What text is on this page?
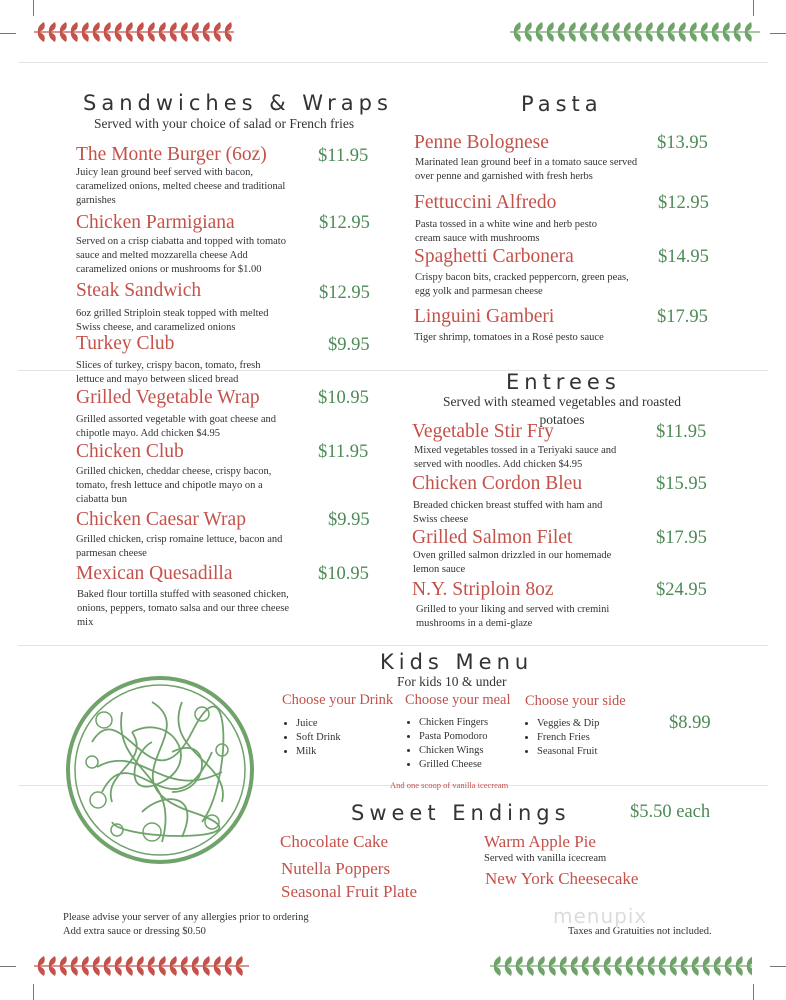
Sandwiches & Wraps
Served with your choice of salad or French fries
The Monte Burger (6oz)	$11.95
Juicy lean ground beef served with bacon, caramelized onions, melted cheese and traditional garnishes
Chicken Parmigiana	$12.95
Served on a crisp ciabatta and topped with tomato sauce and melted mozzarella cheese Add caramelized onions or mushrooms for $1.00
Steak Sandwich	$12.95
6oz grilled Striploin steak topped with melted Swiss cheese, and caramelized onions
Turkey Club	$9.95
Slices of turkey, crispy bacon, tomato, fresh lettuce and mayo between sliced bread
Grilled Vegetable Wrap	$10.95
Grilled assorted vegetable with goat cheese and chipotle mayo. Add chicken $4.95
Chicken Club	$11.95
Grilled chicken, cheddar cheese, crispy bacon, tomato, fresh lettuce and chipotle mayo on a ciabatta bun
Chicken Caesar Wrap	$9.95
Grilled chicken, crisp romaine lettuce, bacon and parmesan cheese
Mexican Quesadilla	$10.95
Baked flour tortilla stuffed with seasoned chicken, onions, peppers, tomato salsa and our three cheese mix
Pasta
Penne Bolognese	$13.95
Marinated lean ground beef in a tomato sauce served over penne and garnished with fresh herbs
Fettuccini Alfredo	$12.95
Pasta tossed in a white wine and herb pesto cream sauce with mushrooms
Spaghetti Carbonera	$14.95
Crispy bacon bits, cracked peppercorn, green peas, egg yolk and parmesan cheese
Linguini Gamberi	$17.95
Tiger shrimp, tomatoes in a Rosé pesto sauce
Entrees
Served with steamed vegetables and roasted potatoes
Vegetable Stir Fry	$11.95
Mixed vegetables tossed in a Teriyaki sauce and served with noodles. Add chicken $4.95
Chicken Cordon Bleu	$15.95
Breaded chicken breast stuffed with ham and Swiss cheese
Grilled Salmon Filet	$17.95
Oven grilled salmon drizzled in our homemade lemon sauce
N.Y. Striploin 8oz	$24.95
Grilled to your liking and served with cremini mushrooms in a demi-glaze
Kids Menu
For kids 10 & under
Choose your Drink Choose your meal Choose your side
• Juice
• Soft Drink
• Milk
• Chicken Fingers
• Pasta Pomodoro
• Chicken Wings
• Grilled Cheese
• Veggies & Dip
• French Fries
• Seasonal Fruit
$8.99
And one scoop of vanilla icecream
Sweet Endings	$5.50 each
Chocolate Cake
Nutella Poppers
Seasonal Fruit Plate
Warm Apple Pie
Served with vanilla icecream
New York Cheesecake
Please advise your server of any allergies prior to ordering
Add extra sauce or dressing $0.50	Taxes and Gratuities not included.
menupix
